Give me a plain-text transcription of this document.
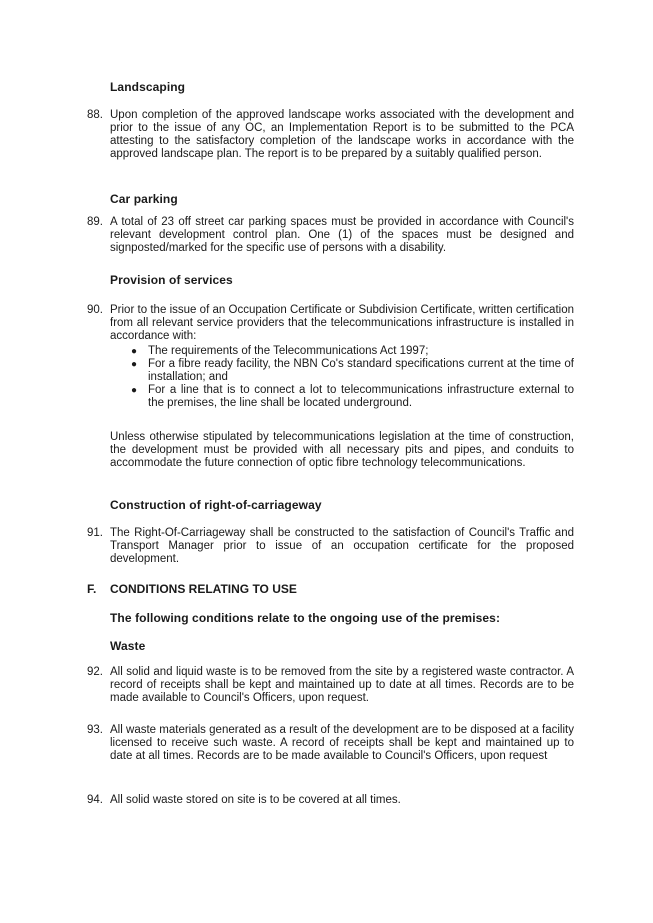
Landscaping
88. Upon completion of the approved landscape works associated with the development and prior to the issue of any OC, an Implementation Report is to be submitted to the PCA attesting to the satisfactory completion of the landscape works in accordance with the approved landscape plan. The report is to be prepared by a suitably qualified person.
Car parking
89. A total of 23 off street car parking spaces must be provided in accordance with Council's relevant development control plan. One (1) of the spaces must be designed and signposted/marked for the specific use of persons with a disability.
Provision of services
90. Prior to the issue of an Occupation Certificate or Subdivision Certificate, written certification from all relevant service providers that the telecommunications infrastructure is installed in accordance with:
● The requirements of the Telecommunications Act 1997;
● For a fibre ready facility, the NBN Co's standard specifications current at the time of installation; and
● For a line that is to connect a lot to telecommunications infrastructure external to the premises, the line shall be located underground.
Unless otherwise stipulated by telecommunications legislation at the time of construction, the development must be provided with all necessary pits and pipes, and conduits to accommodate the future connection of optic fibre technology telecommunications.
Construction of right-of-carriageway
91. The Right-Of-Carriageway shall be constructed to the satisfaction of Council's Traffic and Transport Manager prior to issue of an occupation certificate for the proposed development.
F. CONDITIONS RELATING TO USE
The following conditions relate to the ongoing use of the premises:
Waste
92. All solid and liquid waste is to be removed from the site by a registered waste contractor. A record of receipts shall be kept and maintained up to date at all times. Records are to be made available to Council's Officers, upon request.
93. All waste materials generated as a result of the development are to be disposed at a facility licensed to receive such waste. A record of receipts shall be kept and maintained up to date at all times. Records are to be made available to Council's Officers, upon request
94. All solid waste stored on site is to be covered at all times.
